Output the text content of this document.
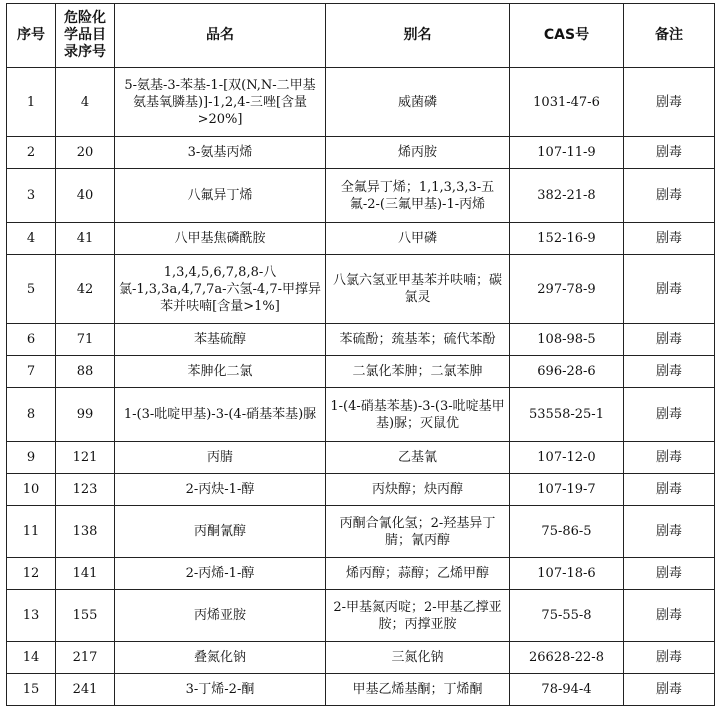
序号	危险化学品目录序号	品名	别名	CAS号	备注
1	4	5-氨基-3-苯基-1-[双(N,N-二甲基氨基氧膦基)]-1,2,4-三唑[含量>20%]	威菌磷	1031-47-6	剧毒
2	20	3-氨基丙烯	烯丙胺	107-11-9	剧毒
3	40	八氟异丁烯	全氟异丁烯；1,1,3,3,3-五氟-2-(三氟甲基)-1-丙烯	382-21-8	剧毒
4	41	八甲基焦磷酰胺	八甲磷	152-16-9	剧毒
5	42	1,3,4,5,6,7,8,8-八氯-1,3,3a,4,7,7a-六氢-4,7-甲撑异苯并呋喃[含量>1%]	八氯六氢亚甲基苯并呋喃；碳氯灵	297-78-9	剧毒
6	71	苯基硫醇	苯硫酚；巯基苯；硫代苯酚	108-98-5	剧毒
7	88	苯胂化二氯	二氯化苯胂；二氯苯胂	696-28-6	剧毒
8	99	1-(3-吡啶甲基)-3-(4-硝基苯基)脲	1-(4-硝基苯基)-3-(3-吡啶基甲基)脲；灭鼠优	53558-25-1	剧毒
9	121	丙腈	乙基氰	107-12-0	剧毒
10	123	2-丙炔-1-醇	丙炔醇；炔丙醇	107-19-7	剧毒
11	138	丙酮氰醇	丙酮合氰化氢；2-羟基异丁腈；氰丙醇	75-86-5	剧毒
12	141	2-丙烯-1-醇	烯丙醇；蒜醇；乙烯甲醇	107-18-6	剧毒
13	155	丙烯亚胺	2-甲基氮丙啶；2-甲基乙撑亚胺；丙撑亚胺	75-55-8	剧毒
14	217	叠氮化钠	三氮化钠	26628-22-8	剧毒
15	241	3-丁烯-2-酮	甲基乙烯基酮；丁烯酮	78-94-4	剧毒
